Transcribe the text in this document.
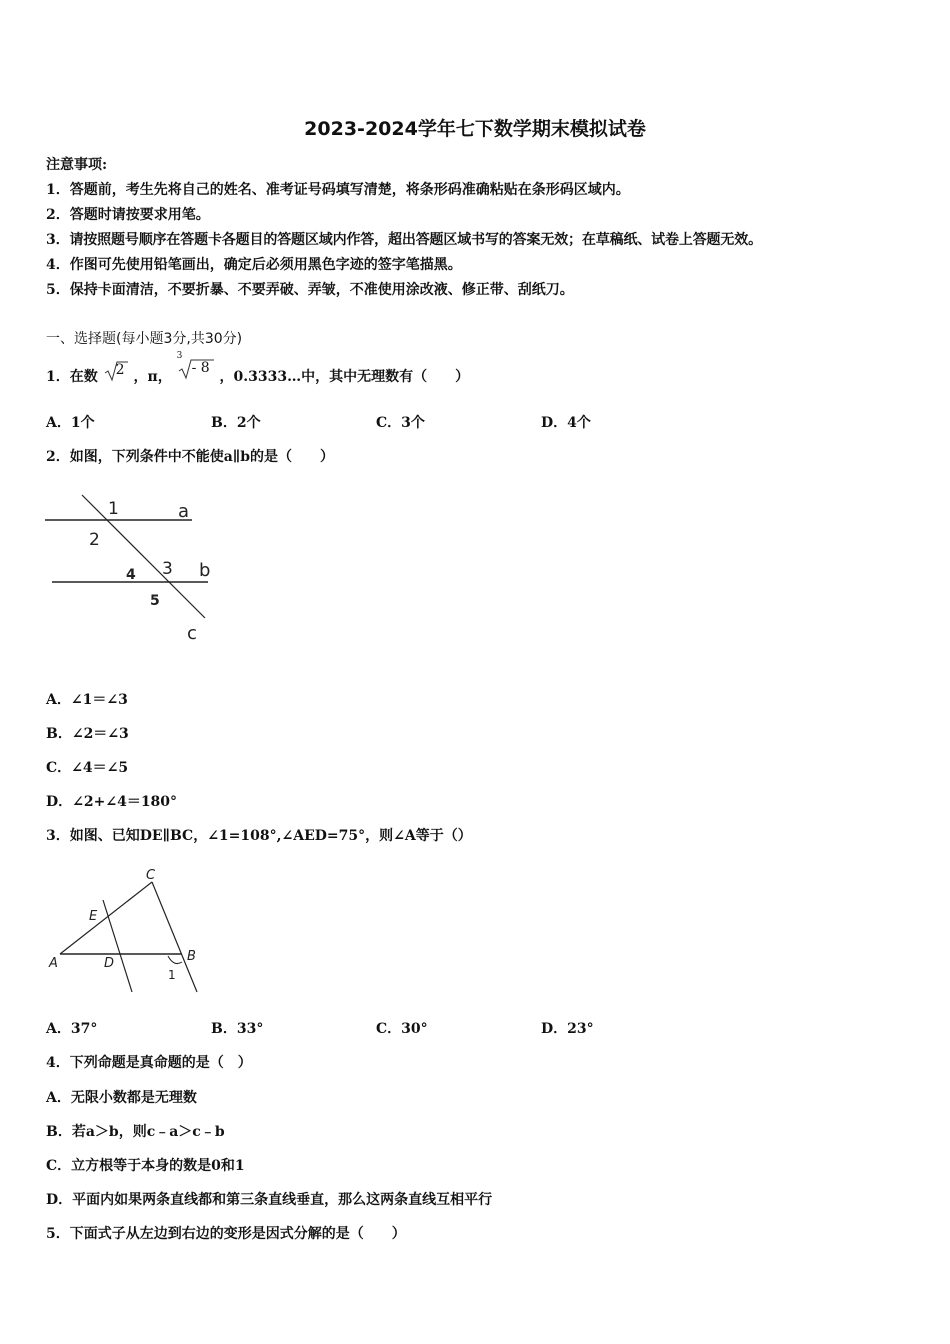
2023-2024学年七下数学期末模拟试卷
注意事项:
1．答题前，考生先将自己的姓名、准考证号码填写清楚，将条形码准确粘贴在条形码区域内。
2．答题时请按要求用笔。
3．请按照题号顺序在答题卡各题目的答题区域内作答，超出答题区域书写的答案无效；在草稿纸、试卷上答题无效。
4．作图可先使用铅笔画出，确定后必须用黑色字迹的签字笔描黑。
5．保持卡面清洁，不要折暴、不要弄破、弄皱，不准使用涂改液、修正带、刮纸刀。
一、选择题(每小题3分,共30分)
1．在数 2 ，π，
3
- 8
，0.3333…中，其中无理数有（　　）
A．1个	B．2个	C．3个	D．4个
2．如图，下列条件中不能使a∥b的是（　　）
1	a
2
3 b
4
5
c
A．∠1＝∠3
B．∠2＝∠3
C．∠4＝∠5
D．∠2+∠4＝180°
3．如图、已知DE∥BC，∠1=108°,∠AED=75°，则∠A等于（）
C
E
A	D	B
1
A．37°	B．33°	C．30°	D．23°
4．下列命题是真命题的是（　）
A．无限小数都是无理数
B．若a＞b，则c﹣a＞c﹣b
C．立方根等于本身的数是0和1
D．平面内如果两条直线都和第三条直线垂直，那么这两条直线互相平行
5．下面式子从左边到右边的变形是因式分解的是（　　）
